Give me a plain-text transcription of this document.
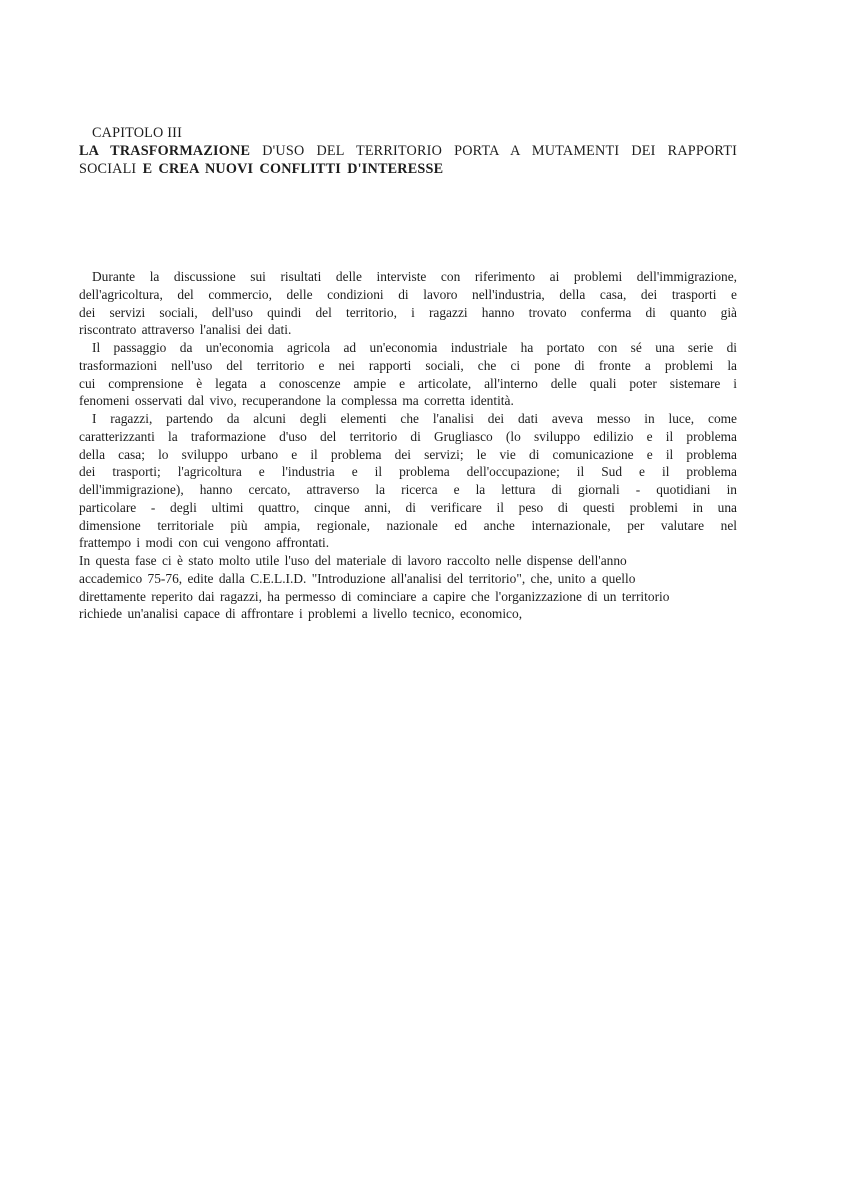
CAPITOLO III
LA TRASFORMAZIONE D'USO DEL TERRITORIO PORTA A MUTAMENTI DEI RAPPORTI
SOCIALI E CREA NUOVI CONFLITTI D'INTERESSE
Durante la discussione sui risultati delle interviste con riferimento ai problemi dell'immigrazione,
dell'agricoltura, del commercio, delle condizioni di lavoro nell'industria, della casa, dei trasporti e
dei servizi sociali, dell'uso quindi del territorio, i ragazzi hanno trovato conferma di quanto già
riscontrato attraverso l'analisi dei dati.
Il passaggio da un'economia agricola ad un'economia industriale ha portato con sé una serie di
trasformazioni nell'uso del territorio e nei rapporti sociali, che ci pone di fronte a problemi la
cui comprensione è legata a conoscenze ampie e articolate, all'interno delle quali poter sistemare i
fenomeni osservati dal vivo, recuperandone la complessa ma corretta identità.
I ragazzi, partendo da alcuni degli elementi che l'analisi dei dati aveva messo in luce, come
caratterizzanti la traformazione d'uso del territorio di Grugliasco (lo sviluppo edilizio e il problema
della casa; lo sviluppo urbano e il problema dei servizi; le vie di comunicazione e il problema
dei trasporti; l'agricoltura e l'industria e il problema dell'occupazione; il Sud e il problema
dell'immigrazione), hanno cercato, attraverso la ricerca e la lettura di giornali - quotidiani in
particolare - degli ultimi quattro, cinque anni, di verificare il peso di questi problemi in una
dimensione territoriale più ampia, regionale, nazionale ed anche internazionale, per valutare nel
frattempo i modi con cui vengono affrontati.
In questa fase ci è stato molto utile l'uso del materiale di lavoro raccolto nelle dispense dell'anno
accademico 75-76, edite dalla C.E.L.I.D. "Introduzione all'analisi del territorio", che, unito a quello
direttamente reperito dai ragazzi, ha permesso di cominciare a capire che l'organizzazione di un territorio
richiede un'analisi capace di affrontare i problemi a livello tecnico, economico,
